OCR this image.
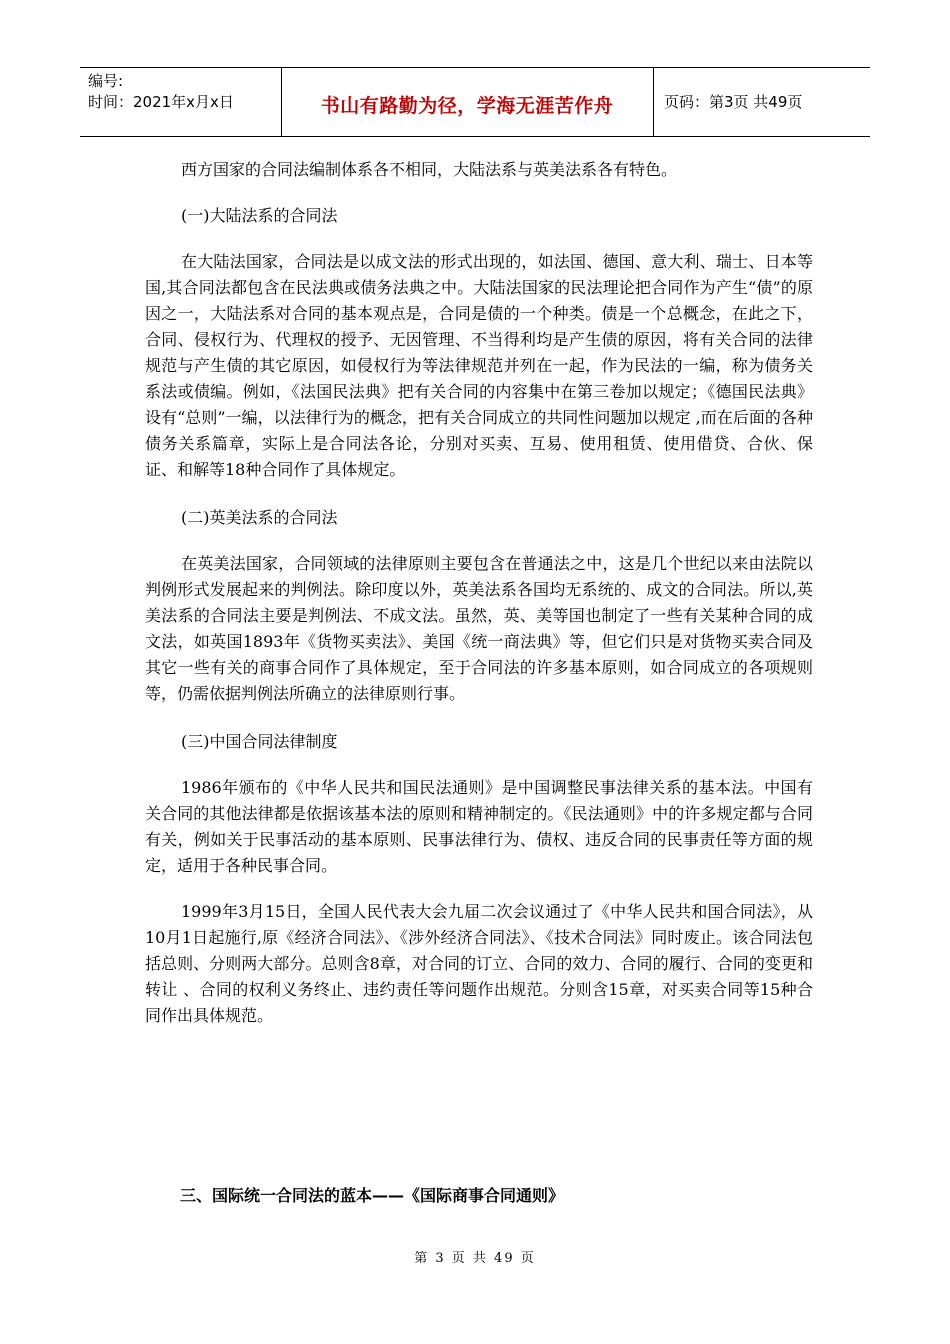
编号:
时间：2021年x月x日	书山有路勤为径，学海无涯苦作舟	页码：第3页 共49页

西方国家的合同法编制体系各不相同，大陆法系与英美法系各有特色。

(一)大陆法系的合同法

在大陆法国家，合同法是以成文法的形式出现的，如法国、德国、意大利、瑞士、日本等国,其合同法都包含在民法典或债务法典之中。大陆法国家的民法理论把合同作为产生“债”的原因之一，大陆法系对合同的基本观点是，合同是债的一个种类。债是一个总概念，在此之下，合同、侵权行为、代理权的授予、无因管理、不当得利均是产生债的原因，将有关合同的法律规范与产生债的其它原因，如侵权行为等法律规范并列在一起，作为民法的一编，称为债务关系法或债编。例如，《法国民法典》把有关合同的内容集中在第三卷加以规定；《德国民法典》设有“总则”一编，以法律行为的概念，把有关合同成立的共同性问题加以规定 ,而在后面的各种债务关系篇章，实际上是合同法各论，分别对买卖、互易、使用租赁、使用借贷、合伙、保证、和解等18种合同作了具体规定。

(二)英美法系的合同法

在英美法国家，合同领域的法律原则主要包含在普通法之中，这是几个世纪以来由法院以判例形式发展起来的判例法。除印度以外，英美法系各国均无系统的、成文的合同法。所以,英美法系的合同法主要是判例法、不成文法。虽然，英、美等国也制定了一些有关某种合同的成文法，如英国1893年《货物买卖法》、美国《统一商法典》等，但它们只是对货物买卖合同及其它一些有关的商事合同作了具体规定，至于合同法的许多基本原则，如合同成立的各项规则等，仍需依据判例法所确立的法律原则行事。

(三)中国合同法律制度

1986年颁布的《中华人民共和国民法通则》是中国调整民事法律关系的基本法。中国有关合同的其他法律都是依据该基本法的原则和精神制定的。《民法通则》中的许多规定都与合同有关，例如关于民事活动的基本原则、民事法律行为、债权、违反合同的民事责任等方面的规定，适用于各种民事合同。

1999年3月15日，全国人民代表大会九届二次会议通过了《中华人民共和国合同法》，从10月1日起施行,原《经济合同法》、《涉外经济合同法》、《技术合同法》同时废止。该合同法包括总则、分则两大部分。总则含8章，对合同的订立、合同的效力、合同的履行、合同的变更和转让 、合同的权利义务终止、违约责任等问题作出规范。分则含15章，对买卖合同等15种合同作出具体规范。

三、国际统一合同法的蓝本——《国际商事合同通则》
第 3 页 共 49 页
